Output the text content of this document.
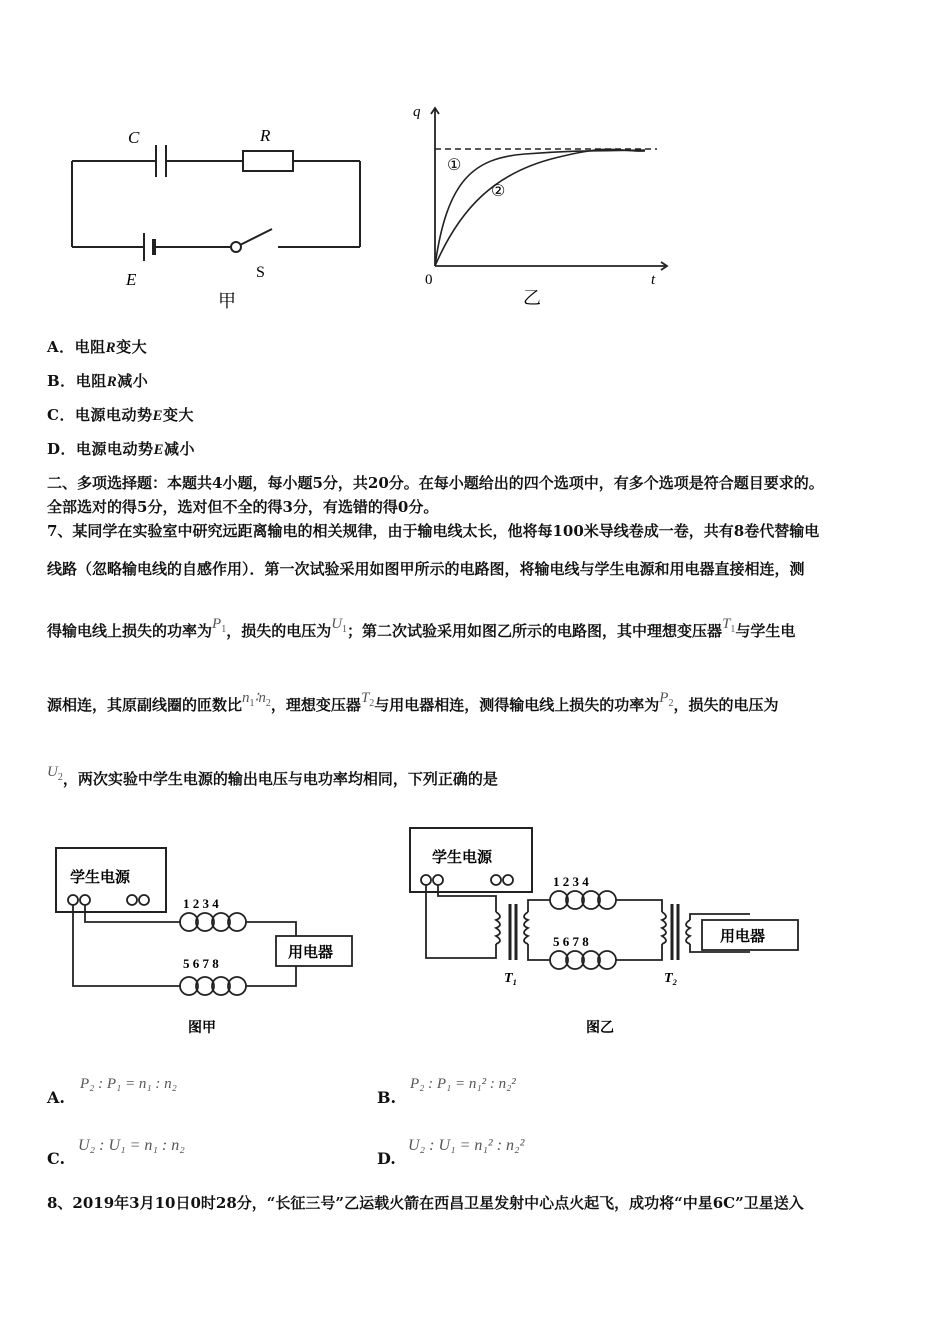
C	R
E	S
甲
q
t
0
①
②
乙
A．电阻R变大
B．电阻R减小
C．电源电动势E变大
D．电源电动势E减小
二、多项选择题：本题共4小题，每小题5分，共20分。在每小题给出的四个选项中，有多个选项是符合题目要求的。
全部选对的得5分，选对但不全的得3分，有选错的得0分。
7、某同学在实验室中研究远距离输电的相关规律，由于输电线太长，他将每100米导线卷成一卷，共有8卷代替输电
线路（忽略输电线的自感作用）．第一次试验采用如图甲所示的电路图，将输电线与学生电源和用电器直接相连，测
得输电线上损失的功率为$P_1$，损失的电压为$U_1$；第二次试验采用如图乙所示的电路图，其中理想变压器$T_1$与学生电
源相连，其原副线圈的匝数比$n_1∶n_2$，理想变压器$T_2$与用电器相连，测得输电线上损失的功率为$P_2$，损失的电压为
$U_2$，两次实验中学生电源的输出电压与电功率均相同，下列正确的是
学生电源
1 2 3 4
5 6 7 8
用电器
图甲
学生电源
1 2 3 4
5 6 7 8	用电器
T₁	T₂
图乙
A.
P₂ : P₁ = n₁ : n₂
B.
P₂ : P₁ = n₁² : n₂²
C.
U₂ : U₁ = n₁ : n₂
D.
U₂ : U₁ = n₁² : n₂²
8、2019年3月10日0时28分，“长征三号”乙运载火箭在西昌卫星发射中心点火起飞，成功将“中星6C”卫星送入
